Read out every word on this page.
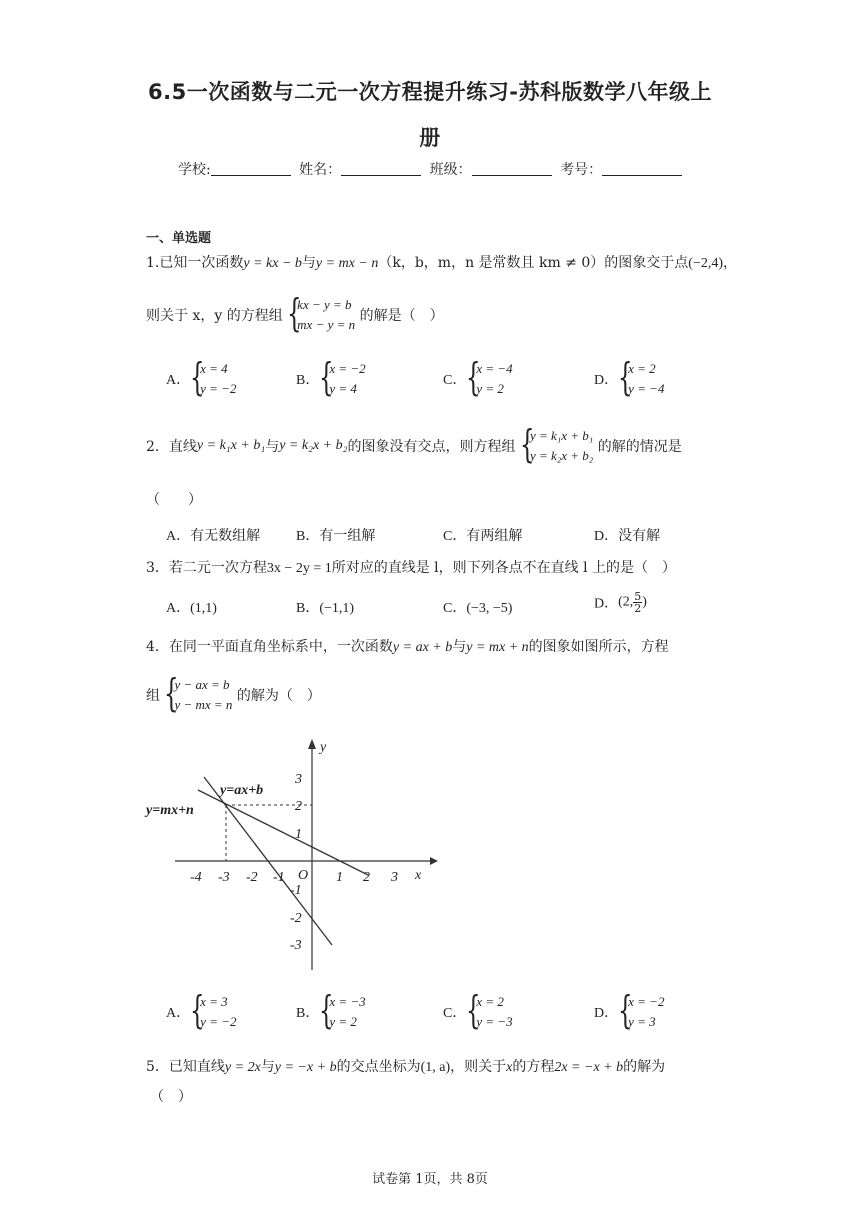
6.5一次函数与二元一次方程提升练习-苏科版数学八年级上
册
学校:	姓名：	班级：	考号：
一、单选题
1.已知一次函数y = kx − b与y = mx − n（k，b，m，n 是常数且 km ≠ 0）的图象交于点(−2,4)，
则关于 x，y 的方程组 {
kx − y = b
mx − y = n
的解是（　）
A． {
x = 4
y = −2
B． {
x = −2
y = 4
C． {
x = −4
y = 2
D． {
x = 2
y = −4
2．直线y = k₁x + b₁与y = k₂x + b₂的图象没有交点，则方程组 {
y = k₁x + b₁
y = k₂x + b₂
的解的情况是
（　　）
A．有无数组解	B．有一组解	C．有两组解	D．没有解
3．若二元一次方程3x − 2y = 1所对应的直线是 l，则下列各点不在直线 l 上的是（　）
A．(1,1)	B．(−1,1)	C．(−3, −5)	D．(2, $\frac{5}{2}$ )
4．在同一平面直角坐标系中，一次函数y = ax + b与y = mx + n的图象如图所示，方程
组 {
y − ax = b
y − mx = n
的解为（　）
-4 -3 -2 -1	1 2 3
3
2
1
-1
-2
-3
O	x
y
y=ax+b
y=mx+n
A． {
x = 3
y = −2
B． {
x = −3
y = 2
C． {
x = 2
y = −3
D． {
x = −2
y = 3
5．已知直线y = 2x与y = −x + b的交点坐标为(1, a)，则关于x的方程2x = −x + b的解为
（　）
试卷第 1页，共 8页
